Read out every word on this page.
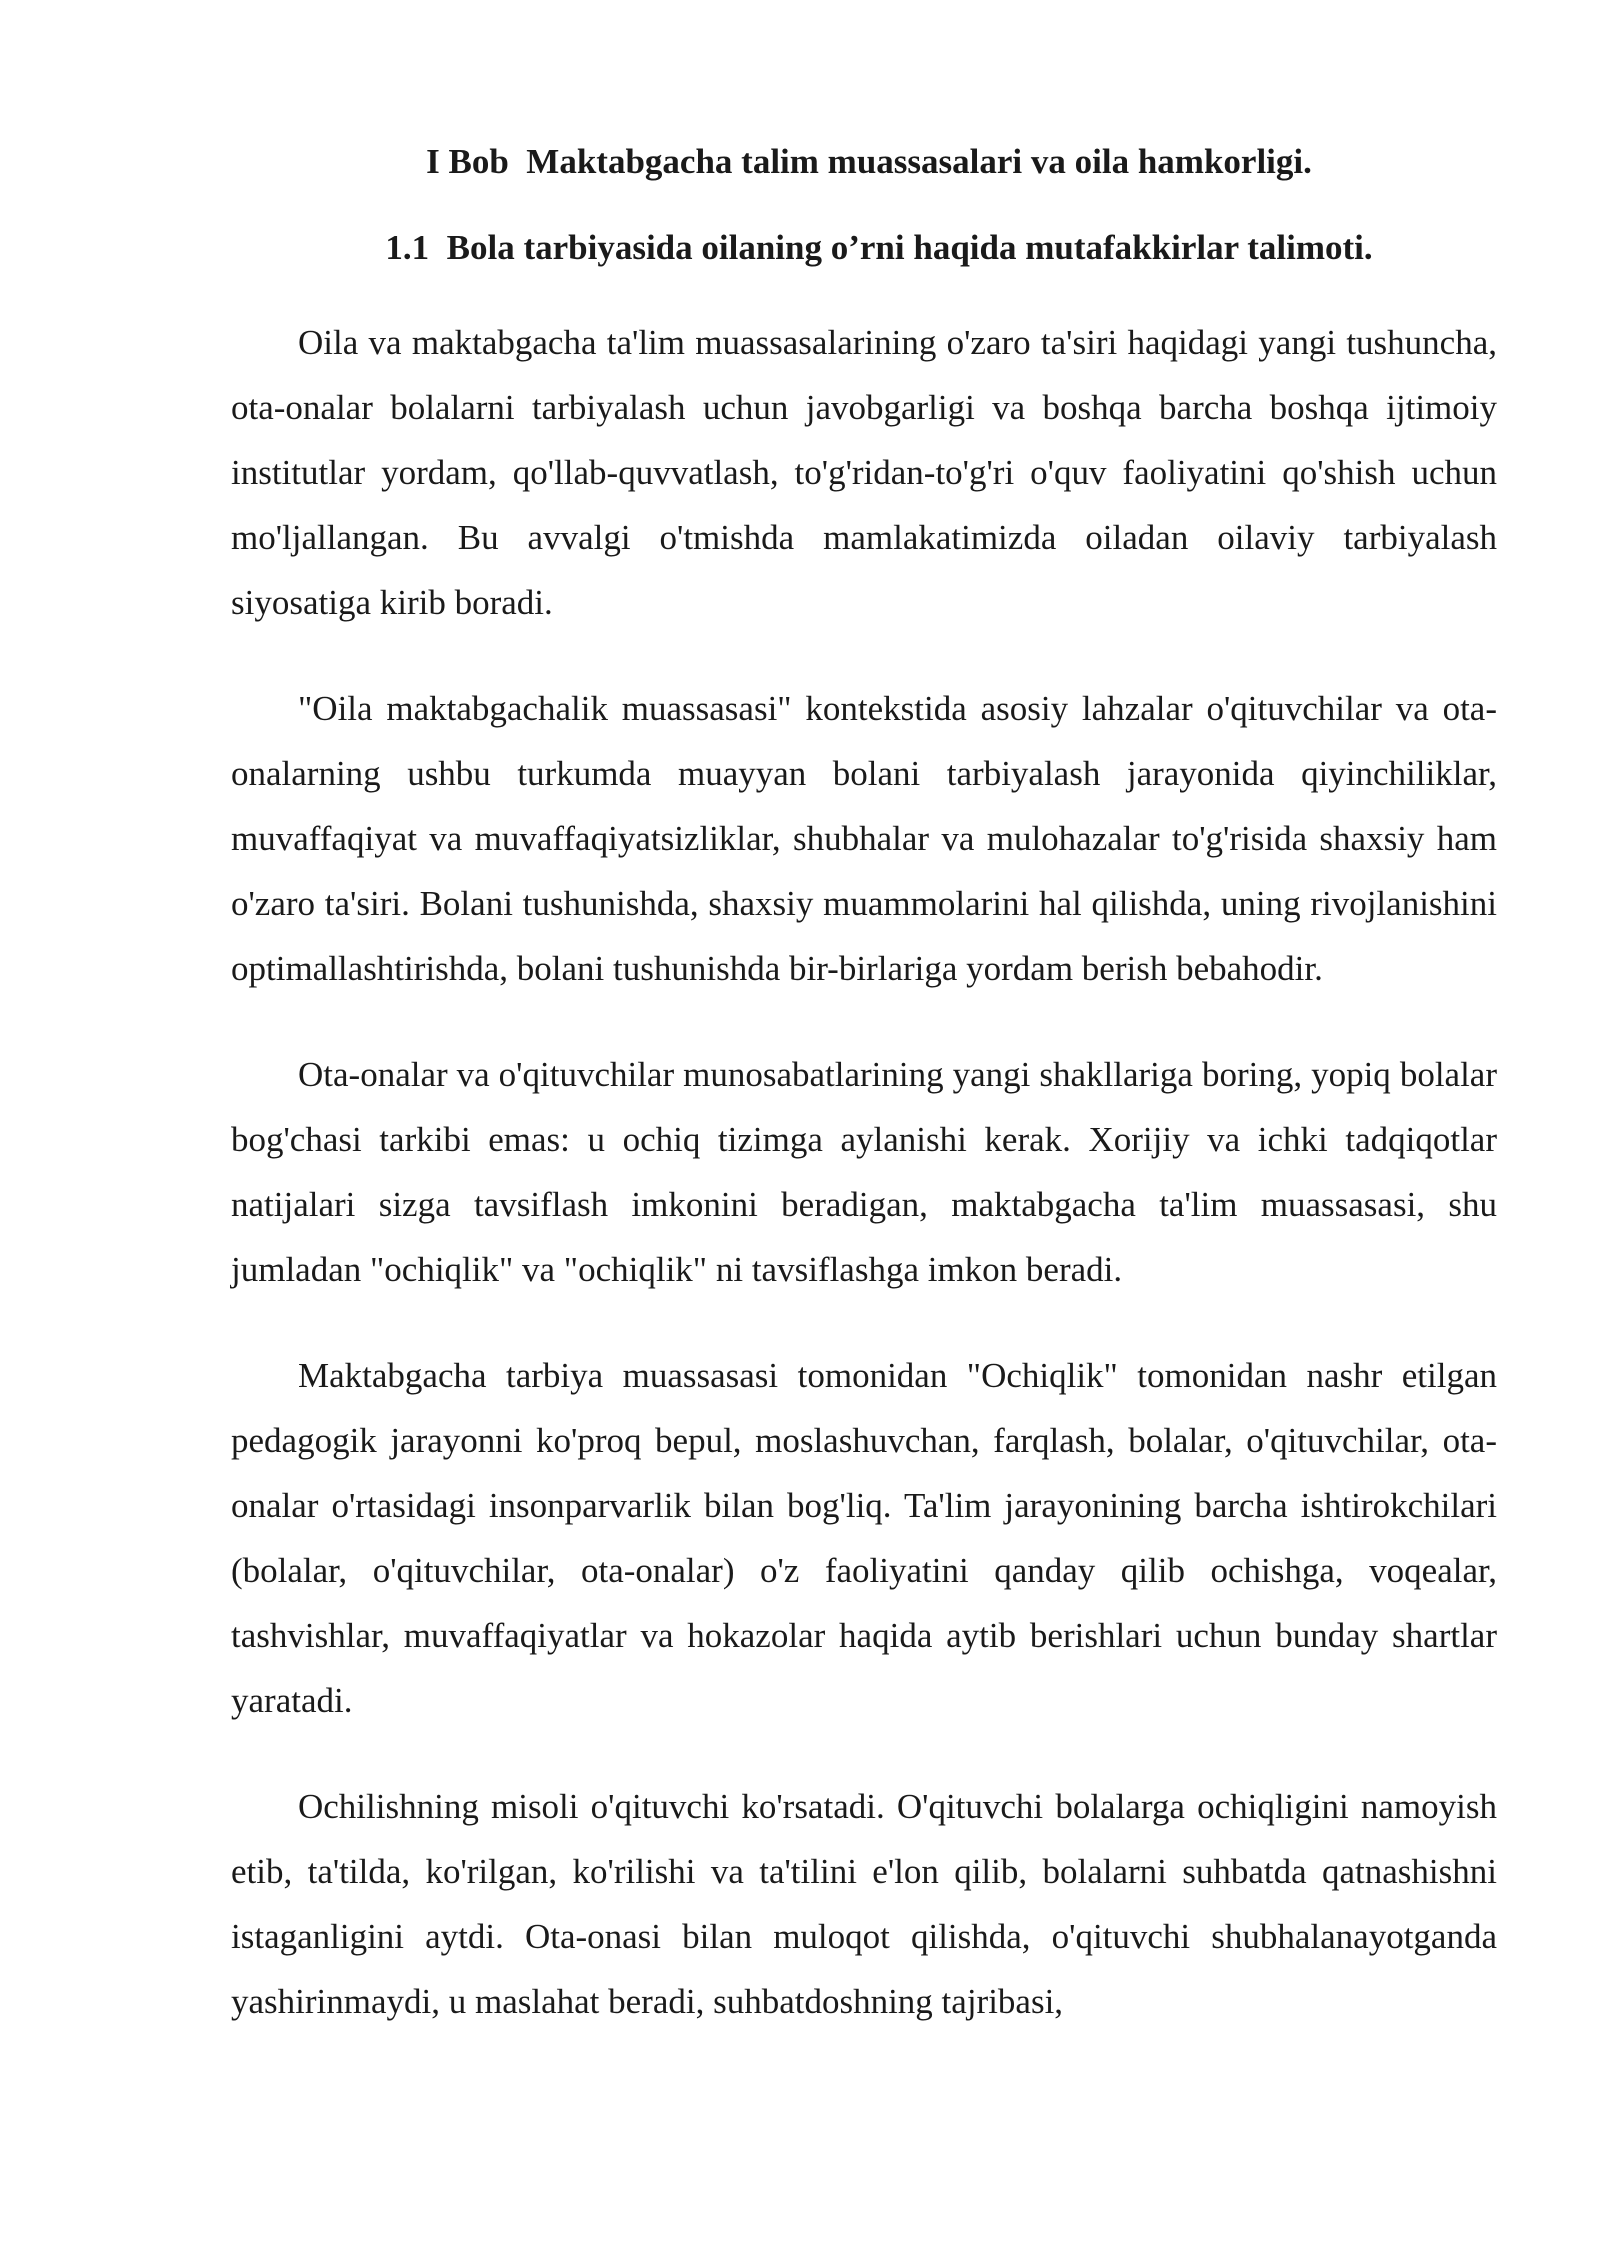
I Bob  Maktabgacha talim muassasalari va oila hamkorligi.

1.1  Bola tarbiyasida oilaning o’rni haqida mutafakkirlar talimoti.

Oila va maktabgacha ta'lim muassasalarining o'zaro ta'siri haqidagi yangi tushuncha, ota-onalar bolalarni tarbiyalash uchun javobgarligi va boshqa barcha boshqa ijtimoiy institutlar yordam, qo'llab-quvvatlash, to'g'ridan-to'g'ri o'quv faoliyatini qo'shish uchun mo'ljallangan. Bu avvalgi o'tmishda mamlakatimizda oiladan oilaviy tarbiyalash siyosatiga kirib boradi.

"Oila maktabgachalik muassasasi" kontekstida asosiy lahzalar o'qituvchilar va ota-onalarning ushbu turkumda muayyan bolani tarbiyalash jarayonida qiyinchiliklar, muvaffaqiyat va muvaffaqiyatsizliklar, shubhalar va mulohazalar to'g'risida shaxsiy ham o'zaro ta'siri. Bolani tushunishda, shaxsiy muammolarini hal qilishda, uning rivojlanishini optimallashtirishda, bolani tushunishda bir-birlariga yordam berish bebahodir.

Ota-onalar va o'qituvchilar munosabatlarining yangi shakllariga boring, yopiq bolalar bog'chasi tarkibi emas: u ochiq tizimga aylanishi kerak. Xorijiy va ichki tadqiqotlar natijalari sizga tavsiflash imkonini beradigan, maktabgacha ta'lim muassasasi, shu jumladan "ochiqlik" va "ochiqlik" ni tavsiflashga imkon beradi.

Maktabgacha tarbiya muassasasi tomonidan "Ochiqlik" tomonidan nashr etilgan pedagogik jarayonni ko'proq bepul, moslashuvchan, farqlash, bolalar, o'qituvchilar, ota-onalar o'rtasidagi insonparvarlik bilan bog'liq. Ta'lim jarayonining barcha ishtirokchilari (bolalar, o'qituvchilar, ota-onalar) o'z faoliyatini qanday qilib ochishga, voqealar, tashvishlar, muvaffaqiyatlar va hokazolar haqida aytib berishlari uchun bunday shartlar yaratadi.

Ochilishning misoli o'qituvchi ko'rsatadi. O'qituvchi bolalarga ochiqligini namoyish etib, ta'tilda, ko'rilgan, ko'rilishi va ta'tilini e'lon qilib, bolalarni suhbatda qatnashishni istaganligini aytdi. Ota-onasi bilan muloqot qilishda, o'qituvchi shubhalanayotganda yashirinmaydi, u maslahat beradi, suhbatdoshning tajribasi,
